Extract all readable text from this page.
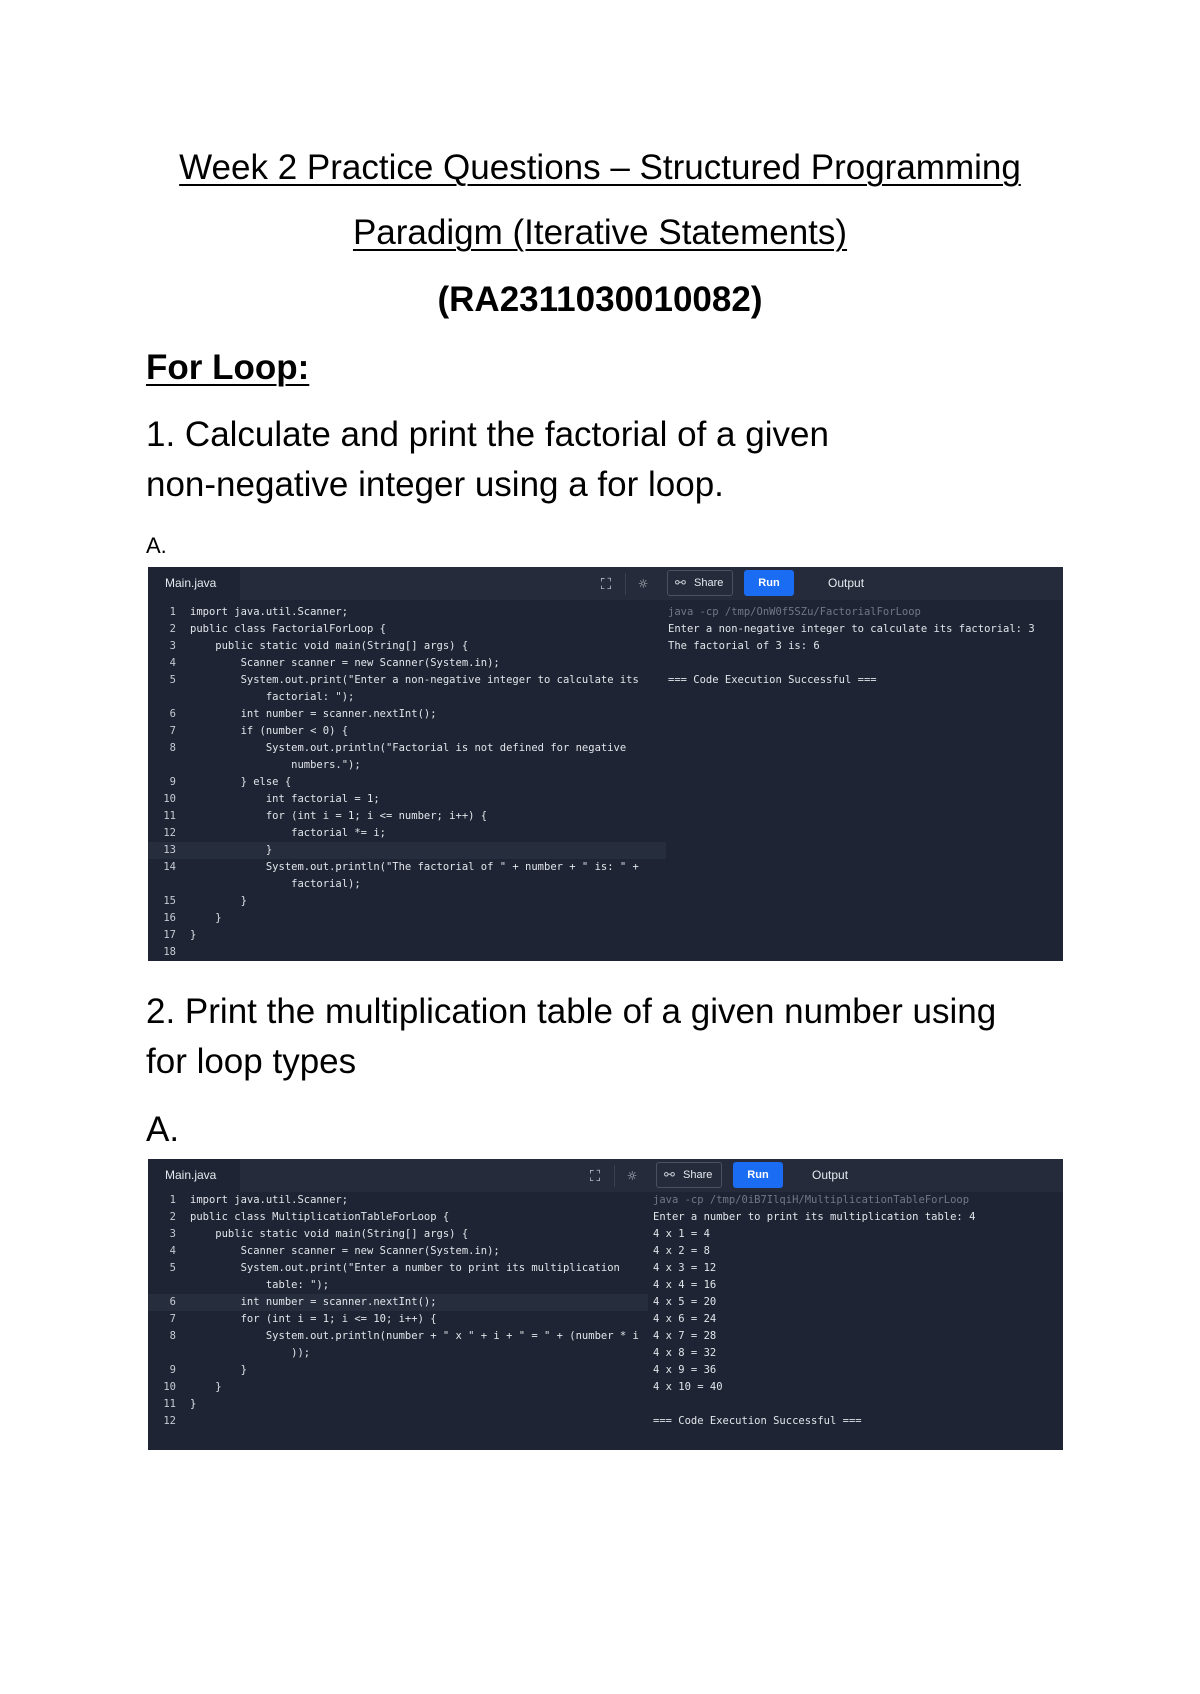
Week 2 Practice Questions – Structured Programming
Paradigm (Iterative Statements)
(RA2311030010082)
For Loop:
1. Calculate and print the factorial of a given
non-negative integer using a for loop.
A.
Main.java	⛶	☼	⚯ Share	Run	Output
1 import java.util.Scanner;
2 public class FactorialForLoop {
3 public static void main(String[] args) {
4 Scanner scanner = new Scanner(System.in);
5 System.out.print("Enter a non-negative integer to calculate its
factorial: ");
6 int number = scanner.nextInt();
7 if (number < 0) {
8 System.out.println("Factorial is not defined for negative
numbers.");
9 } else {
10 int factorial = 1;
11 for (int i = 1; i <= number; i++) {
12 factorial *= i;
13 }
14 System.out.println("The factorial of " + number + " is: " +
factorial);
15 }
16 }
17 }
18
java -cp /tmp/OnW0f5SZu/FactorialForLoop
Enter a non-negative integer to calculate its factorial: 3
The factorial of 3 is: 6
=== Code Execution Successful ===
2. Print the multiplication table of a given number using
for loop types
A.
Main.java	⛶	☼	⚯ Share	Run	Output
1 import java.util.Scanner;
2 public class MultiplicationTableForLoop {
3 public static void main(String[] args) {
4 Scanner scanner = new Scanner(System.in);
5 System.out.print("Enter a number to print its multiplication
table: ");
6 int number = scanner.nextInt();
7 for (int i = 1; i <= 10; i++) {
8 System.out.println(number + " x " + i + " = " + (number * i
));
9 }
10 }
11 }
12
java -cp /tmp/0iB7IlqiH/MultiplicationTableForLoop
Enter a number to print its multiplication table: 4
4 x 1 = 4
4 x 2 = 8
4 x 3 = 12
4 x 4 = 16
4 x 5 = 20
4 x 6 = 24
4 x 7 = 28
4 x 8 = 32
4 x 9 = 36
4 x 10 = 40
=== Code Execution Successful ===
